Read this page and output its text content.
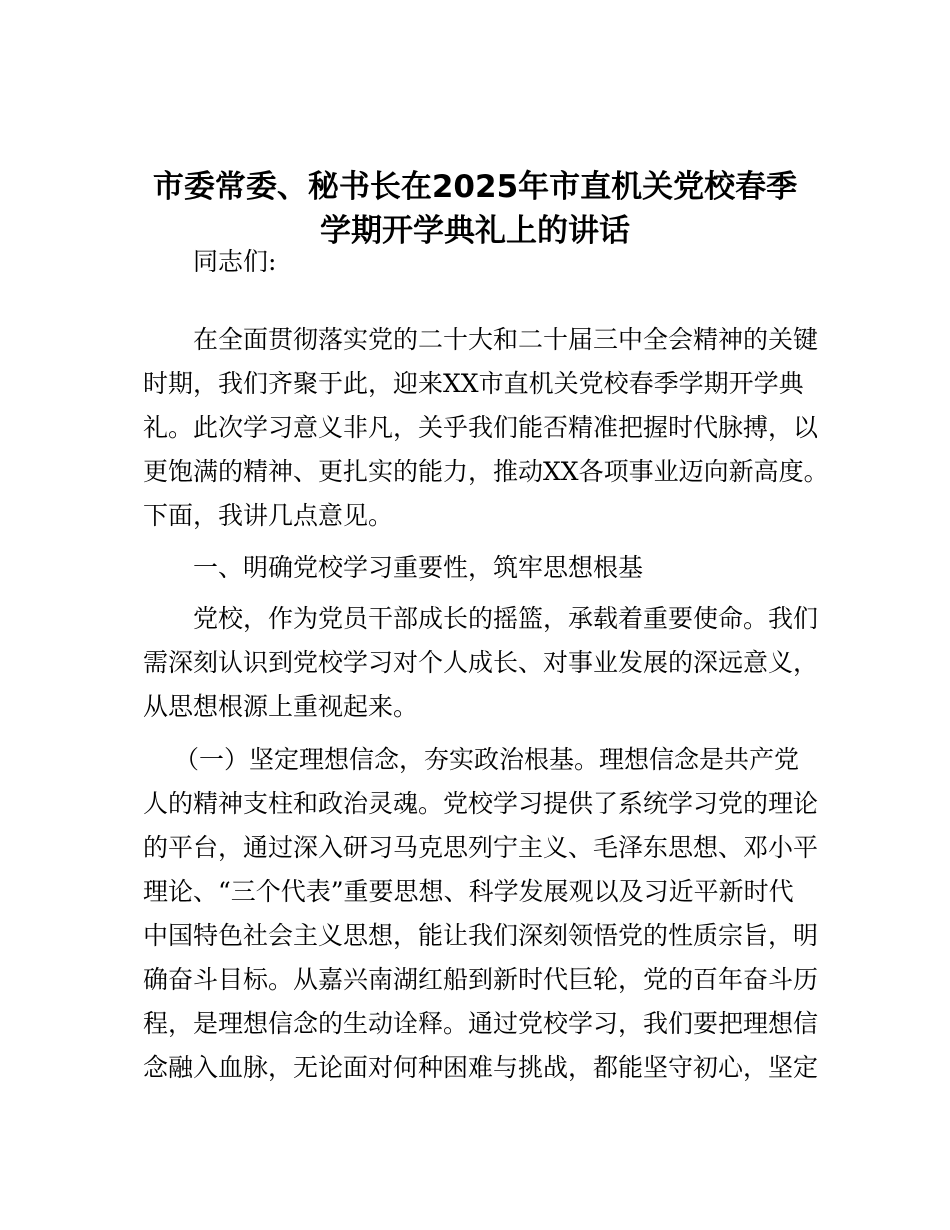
市委常委、秘书长在2025年市直机关党校春季
学期开学典礼上的讲话
同志们:
在全面贯彻落实党的二十大和二十届三中全会精神的关键
时期，我们齐聚于此，迎来XX市直机关党校春季学期开学典
礼。此次学习意义非凡，关乎我们能否精准把握时代脉搏，以
更饱满的精神、更扎实的能力，推动XX各项事业迈向新高度。
下面，我讲几点意见。
一、明确党校学习重要性，筑牢思想根基
党校，作为党员干部成长的摇篮，承载着重要使命。我们
需深刻认识到党校学习对个人成长、对事业发展的深远意义，
从思想根源上重视起来。
（一）坚定理想信念，夯实政治根基。理想信念是共产党
人的精神支柱和政治灵魂。党校学习提供了系统学习党的理论
的平台，通过深入研习马克思列宁主义、毛泽东思想、邓小平
理论、“三个代表”重要思想、科学发展观以及习近平新时代
中国特色社会主义思想，能让我们深刻领悟党的性质宗旨，明
确奋斗目标。从嘉兴南湖红船到新时代巨轮，党的百年奋斗历
程，是理想信念的生动诠释。通过党校学习，我们要把理想信
念融入血脉，无论面对何种困难与挑战，都能坚守初心，坚定
